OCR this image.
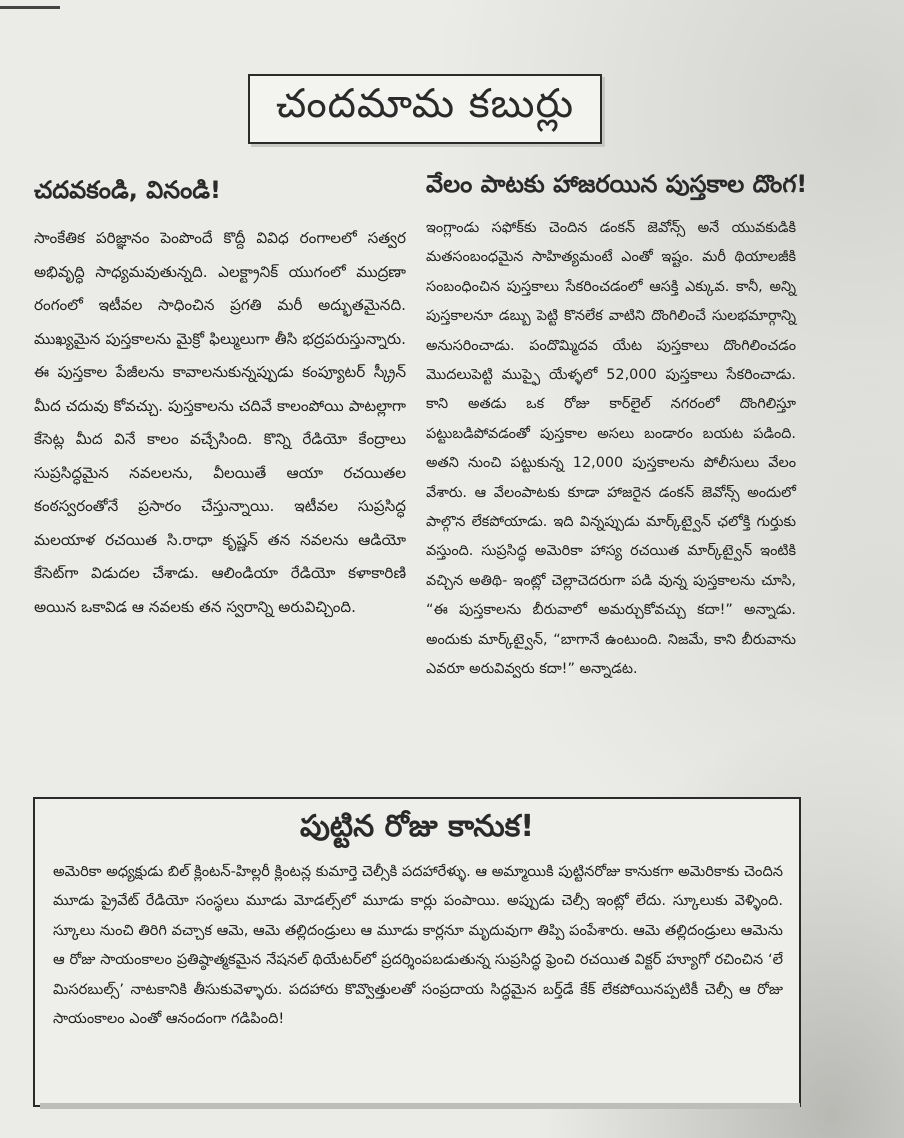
చందమామ కబుర్లు
చదవకండి, వినండి!

సాంకేతిక పరిజ్ఞానం పెంపొందే కొద్దీ వివిధ రంగాలలో సత్వర అభివృద్ధి సాధ్యమవుతున్నది. ఎలక్ట్రానిక్ యుగంలో ముద్రణా రంగంలో ఇటీవల సాధించిన ప్రగతి మరీ అద్భుతమైనది. ముఖ్యమైన పుస్తకాలను మైక్రో ఫిల్ములుగా తీసి భద్రపరుస్తున్నారు. ఈ పుస్తకాల పేజీలను కావాలనుకున్నప్పుడు కంప్యూటర్ స్క్రీన్ మీద చదువు కోవచ్చు. పుస్తకాలను చదివే కాలంపోయి పాటల్లాగా కేసెట్ల మీద వినే కాలం వచ్చేసింది. కొన్ని రేడియో కేంద్రాలు సుప్రసిద్ధమైన నవలలను, వీలయితే ఆయా రచయితల కంఠస్వరంతోనే ప్రసారం చేస్తున్నాయి. ఇటీవల సుప్రసిద్ధ మలయాళ రచయిత సి.రాధా కృష్ణన్ తన నవలను ఆడియో కేసెట్‌గా విడుదల చేశాడు. ఆలిండియా రేడియో కళాకారిణి అయిన ఒకావిడ ఆ నవలకు తన స్వరాన్ని అరువిచ్చింది.

వేలం పాటకు హాజరయిన పుస్తకాల దొంగ!

ఇంగ్లాండు సఫోక్‌కు చెందిన డంకన్ జెవోన్స్ అనే యువకుడికి మతసంబంధమైన సాహిత్యమంటే ఎంతో ఇష్టం. మరీ థియాలజీకి సంబంధించిన పుస్తకాలు సేకరించడంలో ఆసక్తి ఎక్కువ. కానీ, అన్ని పుస్తకాలనూ డబ్బు పెట్టి కొనలేక వాటిని దొంగిలించే సులభమార్గాన్ని అనుసరించాడు. పందొమ్మిదవ యేట పుస్తకాలు దొంగిలించడం మొదలుపెట్టి ముప్ఫై యేళ్ళలో 52,000 పుస్తకాలు సేకరించాడు. కాని అతడు ఒక రోజు కార్‌లైల్ నగరంలో దొంగిలిస్తూ పట్టుబడిపోవడంతో పుస్తకాల అసలు బండారం బయట పడింది. అతని నుంచి పట్టుకున్న 12,000 పుస్తకాలను పోలీసులు వేలం వేశారు. ఆ వేలంపాటకు కూడా హాజరైన డంకన్ జెవోన్స్ అందులో పాల్గొన లేకపోయాడు. ఇది విన్నప్పుడు మార్క్‌ట్వైన్ ఛలోక్తి గుర్తుకు వస్తుంది. సుప్రసిద్ధ అమెరికా హాస్య రచయిత మార్క్‌ట్వైన్ ఇంటికి వచ్చిన అతిథి- ఇంట్లో చెల్లాచెదరుగా పడి వున్న పుస్తకాలను చూసి, “ఈ పుస్తకాలను బీరువాలో అమర్చుకోవచ్చు కదా!” అన్నాడు. అందుకు మార్క్‌ట్వైన్, “బాగానే ఉంటుంది. నిజమే, కాని బీరువాను ఎవరూ అరువివ్వరు కదా!” అన్నాడట.

పుట్టిన రోజు కానుక!

అమెరికా అధ్యక్షుడు బిల్ క్లింటన్-హిల్లరీ క్లింటన్ల కుమార్తె చెల్సీకి పదహారేళ్ళు. ఆ అమ్మాయికి పుట్టినరోజు కానుకగా అమెరికాకు చెందిన మూడు ప్రైవేట్ రేడియో సంస్థలు మూడు మోడల్స్‌లో మూడు కార్లు పంపాయి. అప్పుడు చెల్సీ ఇంట్లో లేదు. స్కూలుకు వెళ్ళింది. స్కూలు నుంచి తిరిగి వచ్చాక ఆమె, ఆమె తల్లిదండ్రులు ఆ మూడు కార్లనూ మృదువుగా తిప్పి పంపేశారు. ఆమె తల్లిదండ్రులు ఆమెను ఆ రోజు సాయంకాలం ప్రతిష్ఠాత్మకమైన నేషనల్ థియేటర్‌లో ప్రదర్శింపబడుతున్న సుప్రసిద్ధ ఫ్రెంచి రచయిత విక్టర్ హ్యూగో రచించిన ‘లే మిసరబుల్స్’ నాటకానికి తీసుకువెళ్ళారు. పదహారు కొవ్వొత్తులతో సంప్రదాయ సిద్ధమైన బర్త్‌డే కేక్ లేకపోయినప్పటికీ చెల్సీ ఆ రోజు సాయంకాలం ఎంతో ఆనందంగా గడిపింది!
